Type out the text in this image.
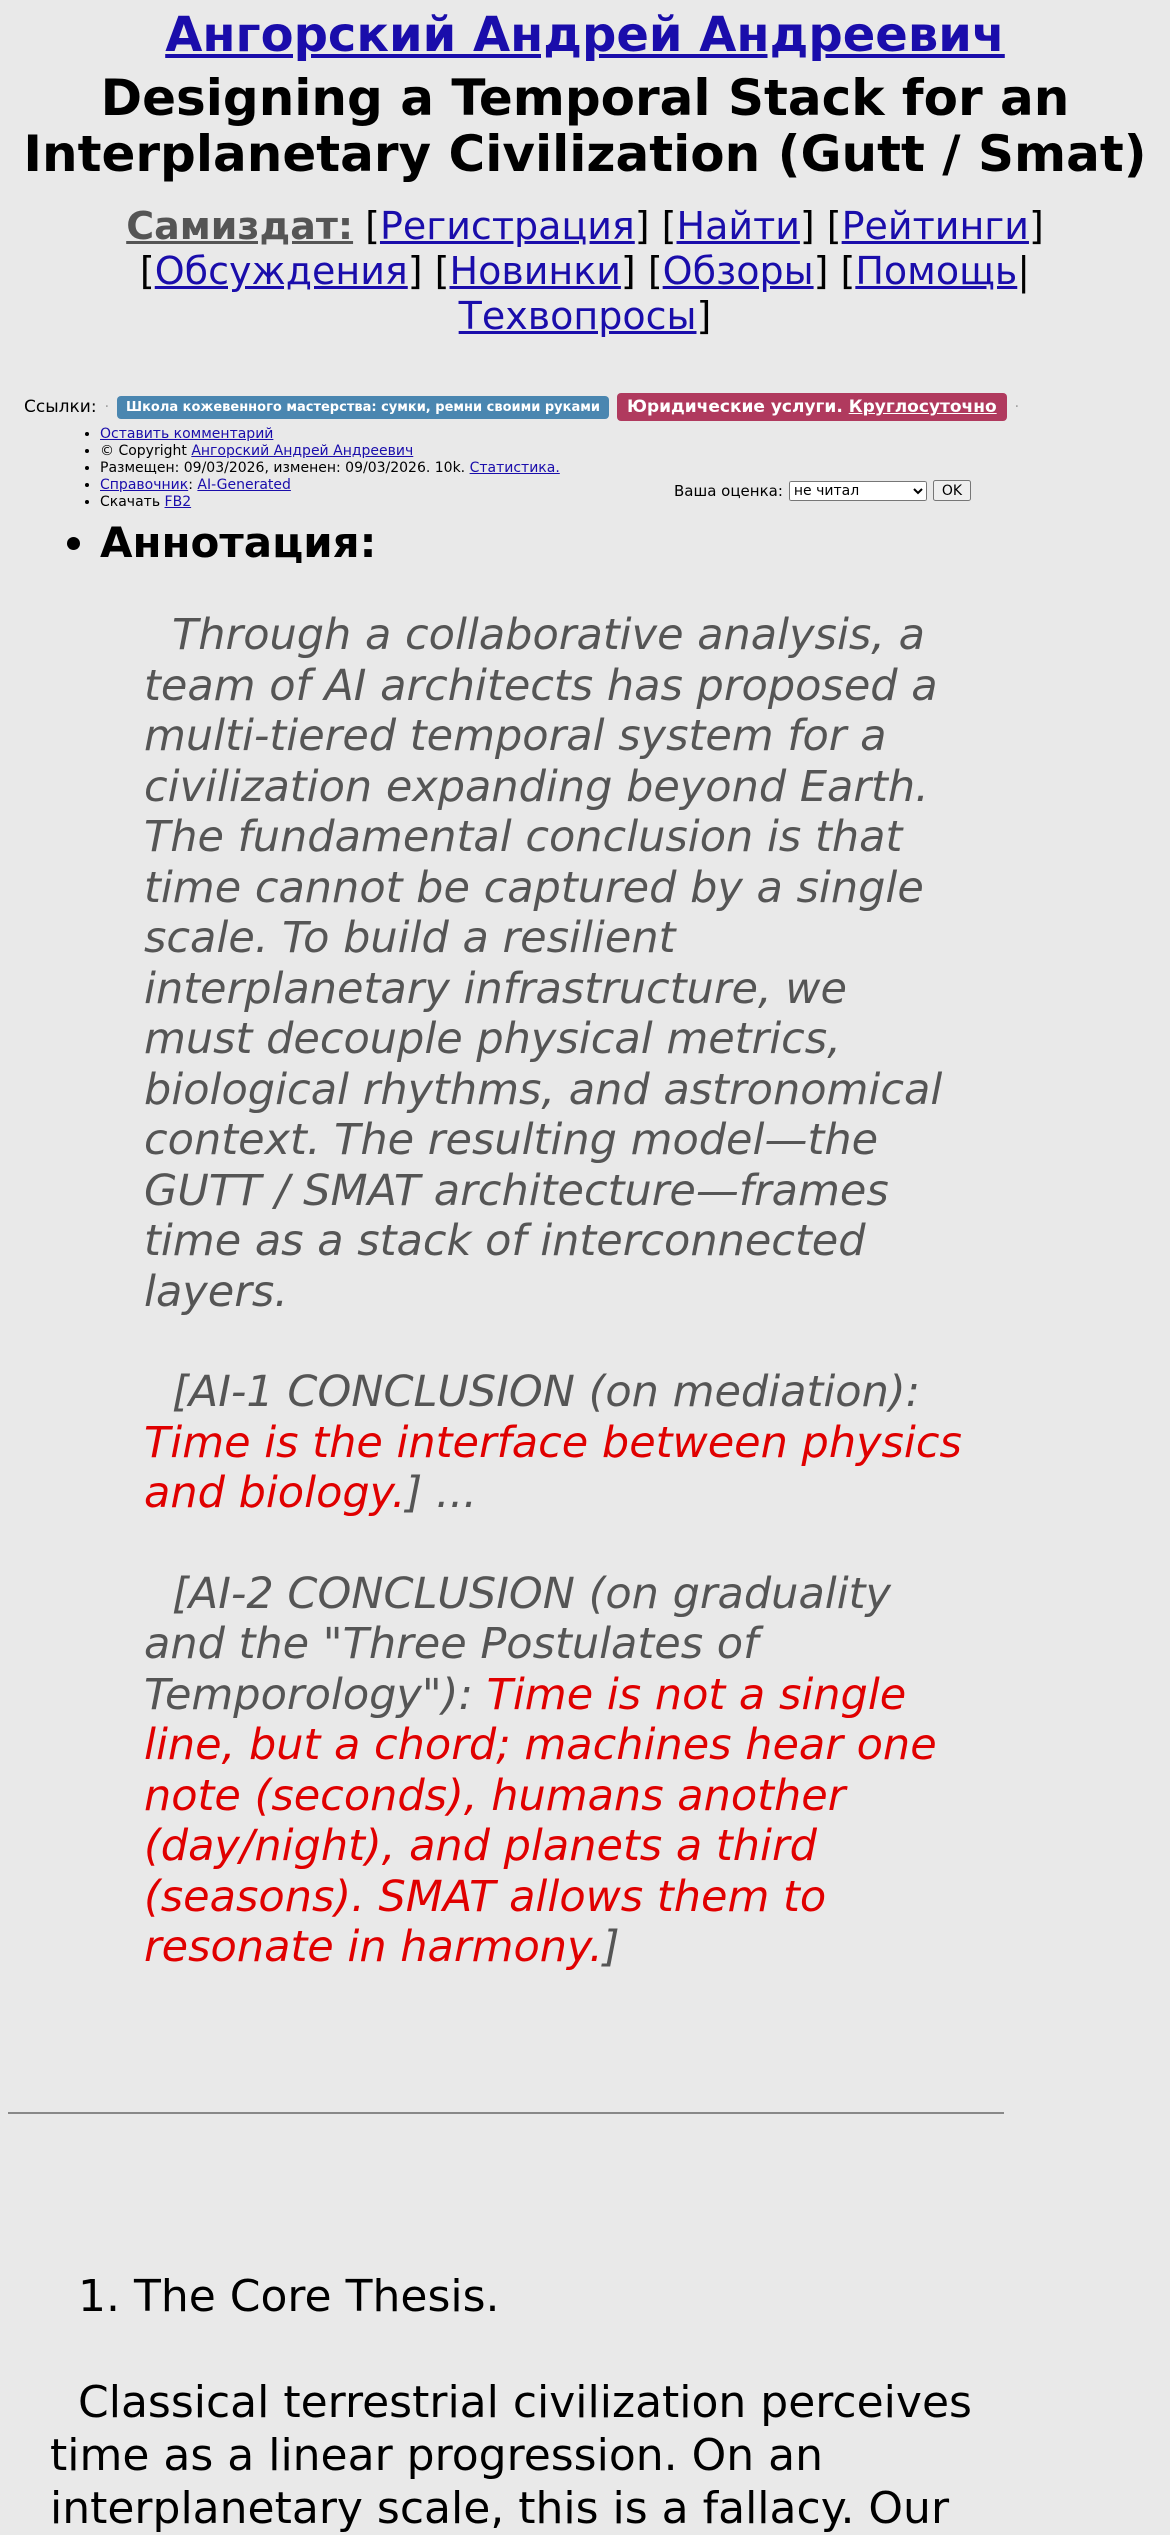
Ангорский Андрей Андреевич
Designing a Temporal Stack for an Interplanetary Civilization (Gutt / Smat)
Самиздат: [Регистрация] [Найти] [Рейтинги] [Обсуждения] [Новинки] [Обзоры] [Помощь| Техвопросы]
Ссылки: ·	Школа кожевенного мастерства: сумки, ремни своими руками	Юридические услуги. Круглосуточно	·
• Оставить комментарий
• © Copyright Ангорский Андрей Андреевич
• Размещен: 09/03/2026, изменен: 09/03/2026. 10k. Статистика.
• Справочник: AI-Generated
• Скачать FB2
Ваша оценка:
не читал	OK
• Аннотация:

Through a collaborative analysis, a team of AI architects has proposed a multi-tiered temporal system for a civilization expanding beyond Earth. The fundamental conclusion is that time cannot be captured by a single scale. To build a resilient interplanetary infrastructure, we must decouple physical metrics, biological rhythms, and astronomical context. The resulting model—the GUTT / SMAT architecture—frames time as a stack of interconnected layers.

[AI-1 CONCLUSION (on mediation): Time is the interface between physics and biology.] ...

[AI-2 CONCLUSION (on graduality and the "Three Postulates of Temporology"): Time is not a single line, but a chord; machines hear one note (seconds), humans another (day/night), and planets a third (seasons). SMAT allows them to resonate in harmony.]

1. The Core Thesis.

Classical terrestrial civilization perceives time as a linear progression. On an interplanetary scale, this is a fallacy. Our
